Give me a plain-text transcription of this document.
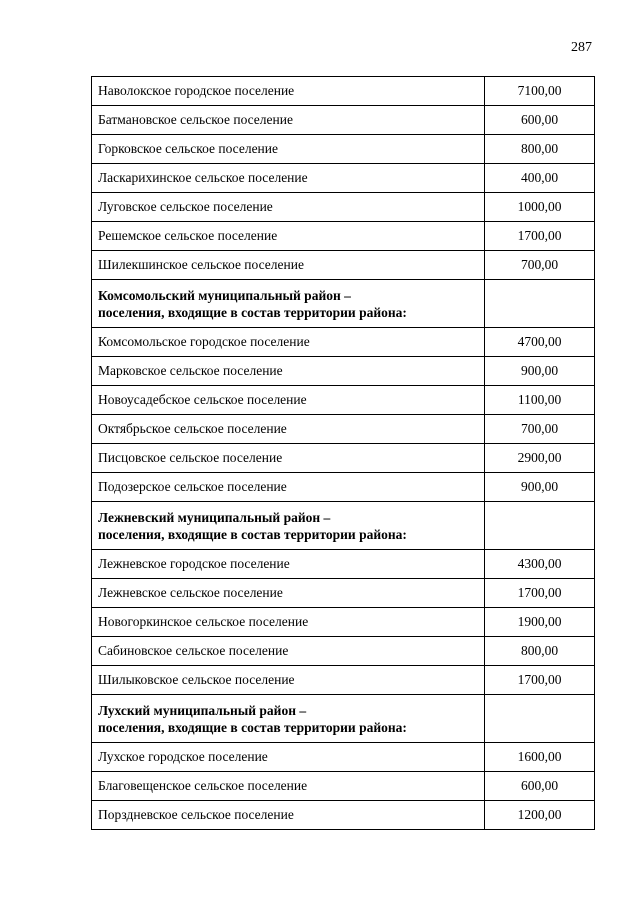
287
Наволокское городское поселение	7100,00
Батмановское сельское поселение	600,00
Горковское сельское поселение	800,00
Ласкарихинское сельское поселение	400,00
Луговское сельское поселение	1000,00
Решемское сельское поселение	1700,00
Шилекшинское сельское поселение	700,00

Комсомольский муниципальный район –
поселения, входящие в состав территории района:	

Комсомольское городское поселение	4700,00
Марковское сельское поселение	900,00
Новоусадебское сельское поселение	1100,00
Октябрьское сельское поселение	700,00
Писцовское сельское поселение	2900,00
Подозерское сельское поселение	900,00

Лежневский муниципальный район –
поселения, входящие в состав территории района:	

Лежневское городское поселение	4300,00
Лежневское сельское поселение	1700,00
Новогоркинское сельское поселение	1900,00
Сабиновское сельское поселение	800,00
Шилыковское сельское поселение	1700,00

Лухский муниципальный район –
поселения, входящие в состав территории района:	

Лухское городское поселение	1600,00
Благовещенское сельское поселение	600,00
Порздневское сельское поселение	1200,00
